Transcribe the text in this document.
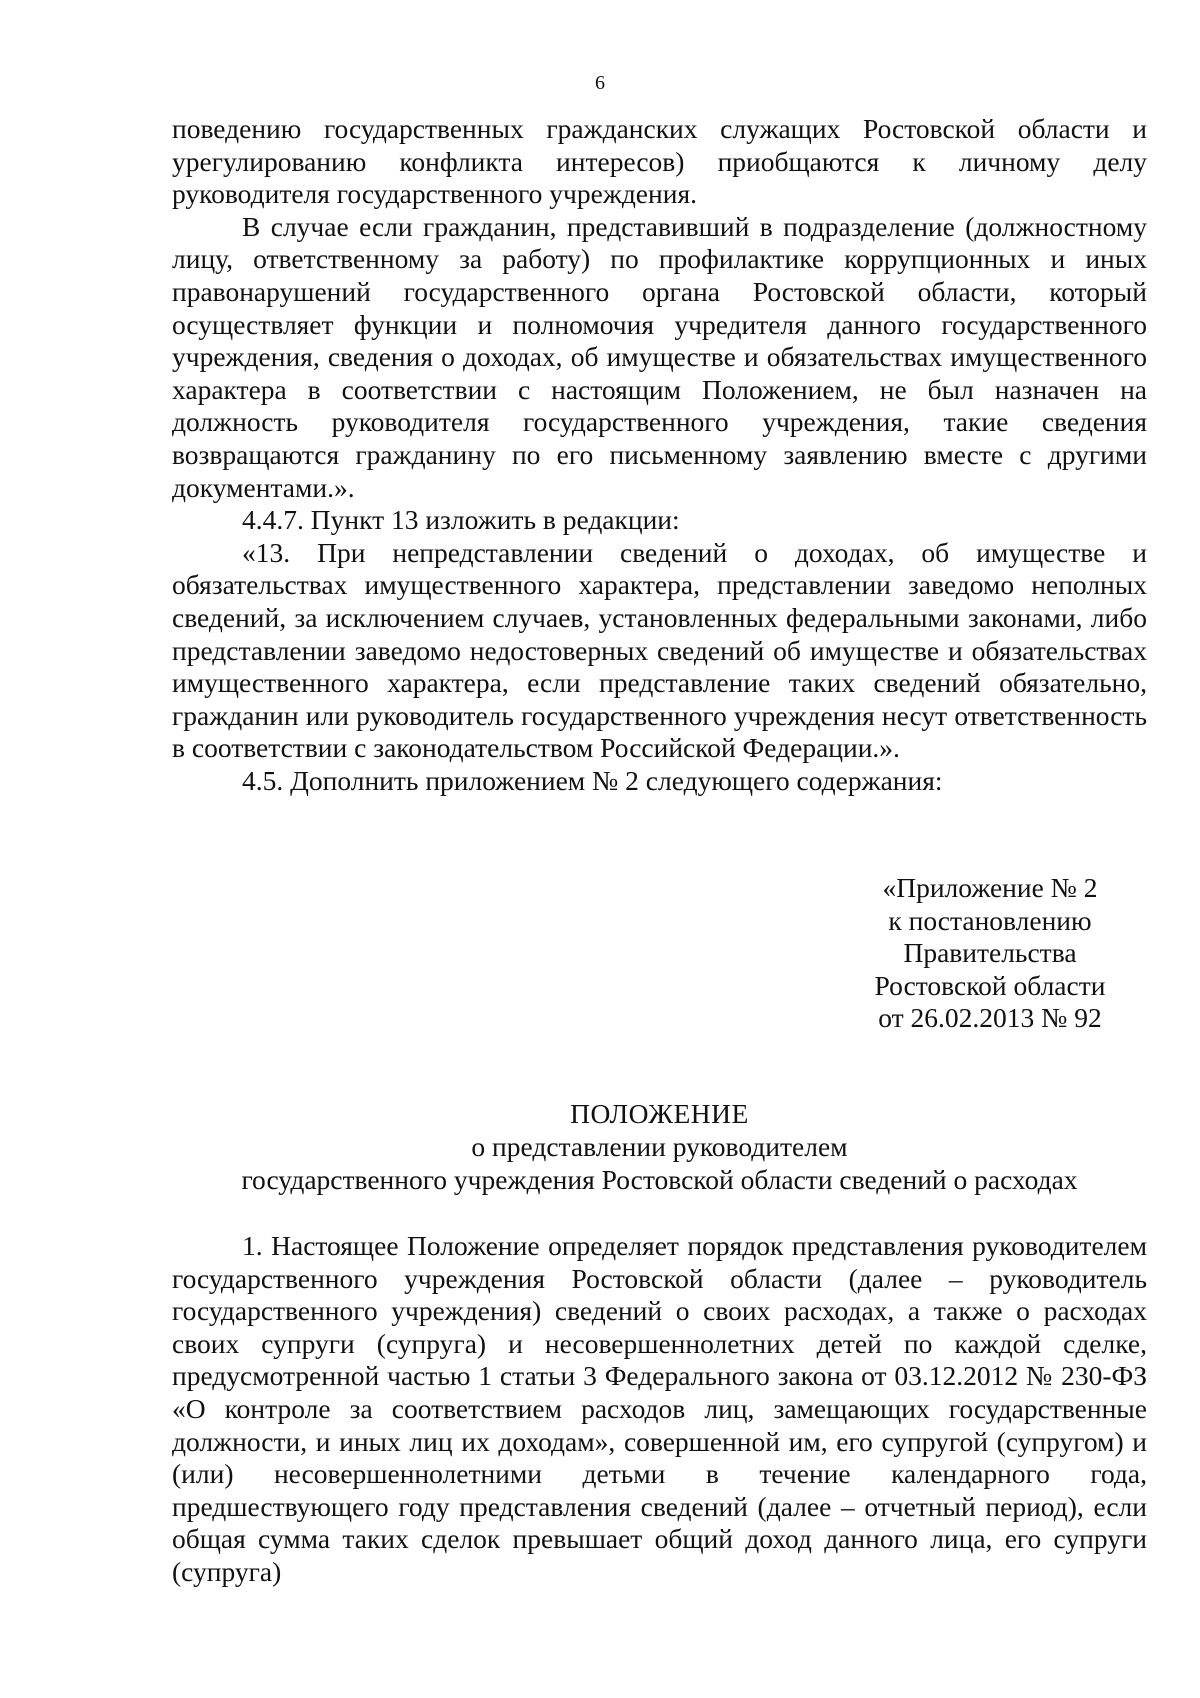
6

поведению государственных гражданских служащих Ростовской области и урегулированию конфликта интересов) приобщаются к личному делу руководителя государственного учреждения.

В случае если гражданин, представивший в подразделение (должностному лицу, ответственному за работу) по профилактике коррупционных и иных правонарушений государственного органа Ростовской области, который осуществляет функции и полномочия учредителя данного государственного учреждения, сведения о доходах, об имуществе и обязательствах имущественного характера в соответствии с настоящим Положением, не был назначен на должность руководителя государственного учреждения, такие сведения возвращаются гражданину по его письменному заявлению вместе с другими документами.».

4.4.7. Пункт 13 изложить в редакции:

«13. При непредставлении сведений о доходах, об имуществе и обязательствах имущественного характера, представлении заведомо неполных сведений, за исключением случаев, установленных федеральными законами, либо представлении заведомо недостоверных сведений об имуществе и обязательствах имущественного характера, если представление таких сведений обязательно, гражданин или руководитель государственного учреждения несут ответственность в соответствии с законодательством Российской Федерации.».

4.5. Дополнить приложением № 2 следующего содержания:

«Приложение № 2
к постановлению
Правительства
Ростовской области
от 26.02.2013 № 92
ПОЛОЖЕНИЕ
о представлении руководителем
государственного учреждения Ростовской области сведений о расходах

1. Настоящее Положение определяет порядок представления руководителем государственного учреждения Ростовской области (далее – руководитель государственного учреждения) сведений о своих расходах, а также о расходах своих супруги (супруга) и несовершеннолетних детей по каждой сделке, предусмотренной частью 1 статьи 3 Федерального закона от 03.12.2012 № 230-ФЗ «О контроле за соответствием расходов лиц, замещающих государственные должности, и иных лиц их доходам», совершенной им, его супругой (супругом) и (или) несовершеннолетними детьми в течение календарного года, предшествующего году представления сведений (далее – отчетный период), если общая сумма таких сделок превышает общий доход данного лица, его супруги (супруга)
